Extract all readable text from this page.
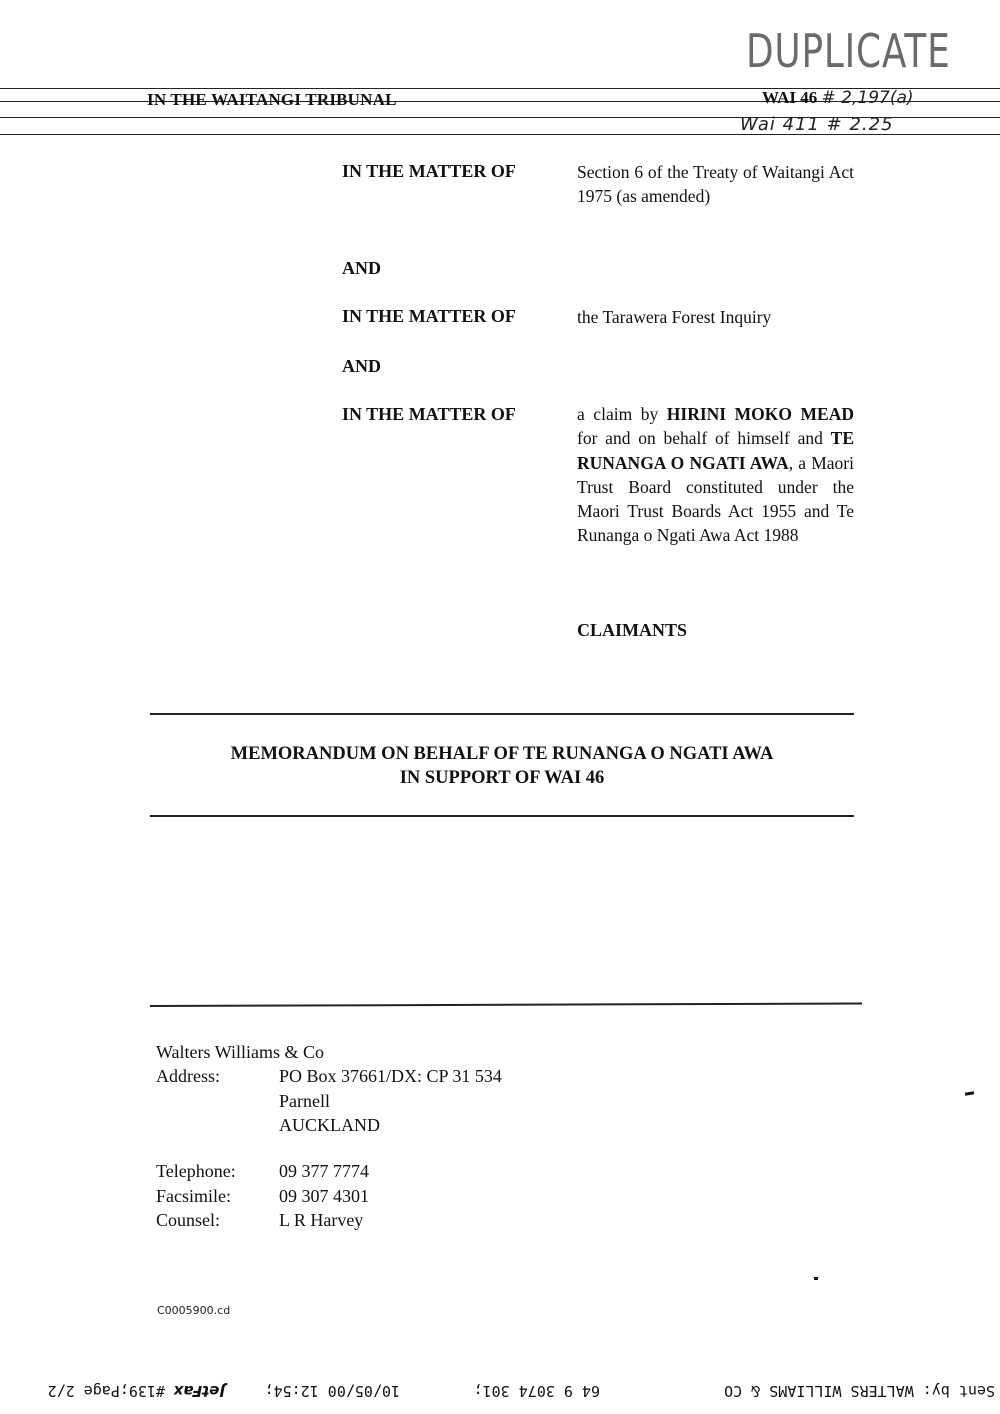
DUPLICATE
IN THE WAITANGI TRIBUNAL	WAI 46 # 2,197(a)
Wai 411 # 2.25
IN THE MATTER OF	Section 6 of the Treaty of Waitangi Act 1975 (as amended)
AND
IN THE MATTER OF	the Tarawera Forest Inquiry
AND
IN THE MATTER OF	a claim by HIRINI MOKO MEAD for and on behalf of himself and TE RUNANGA O NGATI AWA, a Maori Trust Board constituted under the Maori Trust Boards Act 1955 and Te Runanga o Ngati Awa Act 1988
CLAIMANTS
MEMORANDUM ON BEHALF OF TE RUNANGA O NGATI AWA
IN SUPPORT OF WAI 46
Walters Williams & Co
Address:	PO Box 37661/DX: CP 31 534
Parnell
AUCKLAND
Telephone:	09 377 7774
Facsimile:	09 307 4301
Counsel:	L R Harvey
C0005900.cd
Sent by: WALTERS WILLIAMS & CO
64 9 3074 301;
10/05/00 12:54;
JetFax
#139;Page 2/2
